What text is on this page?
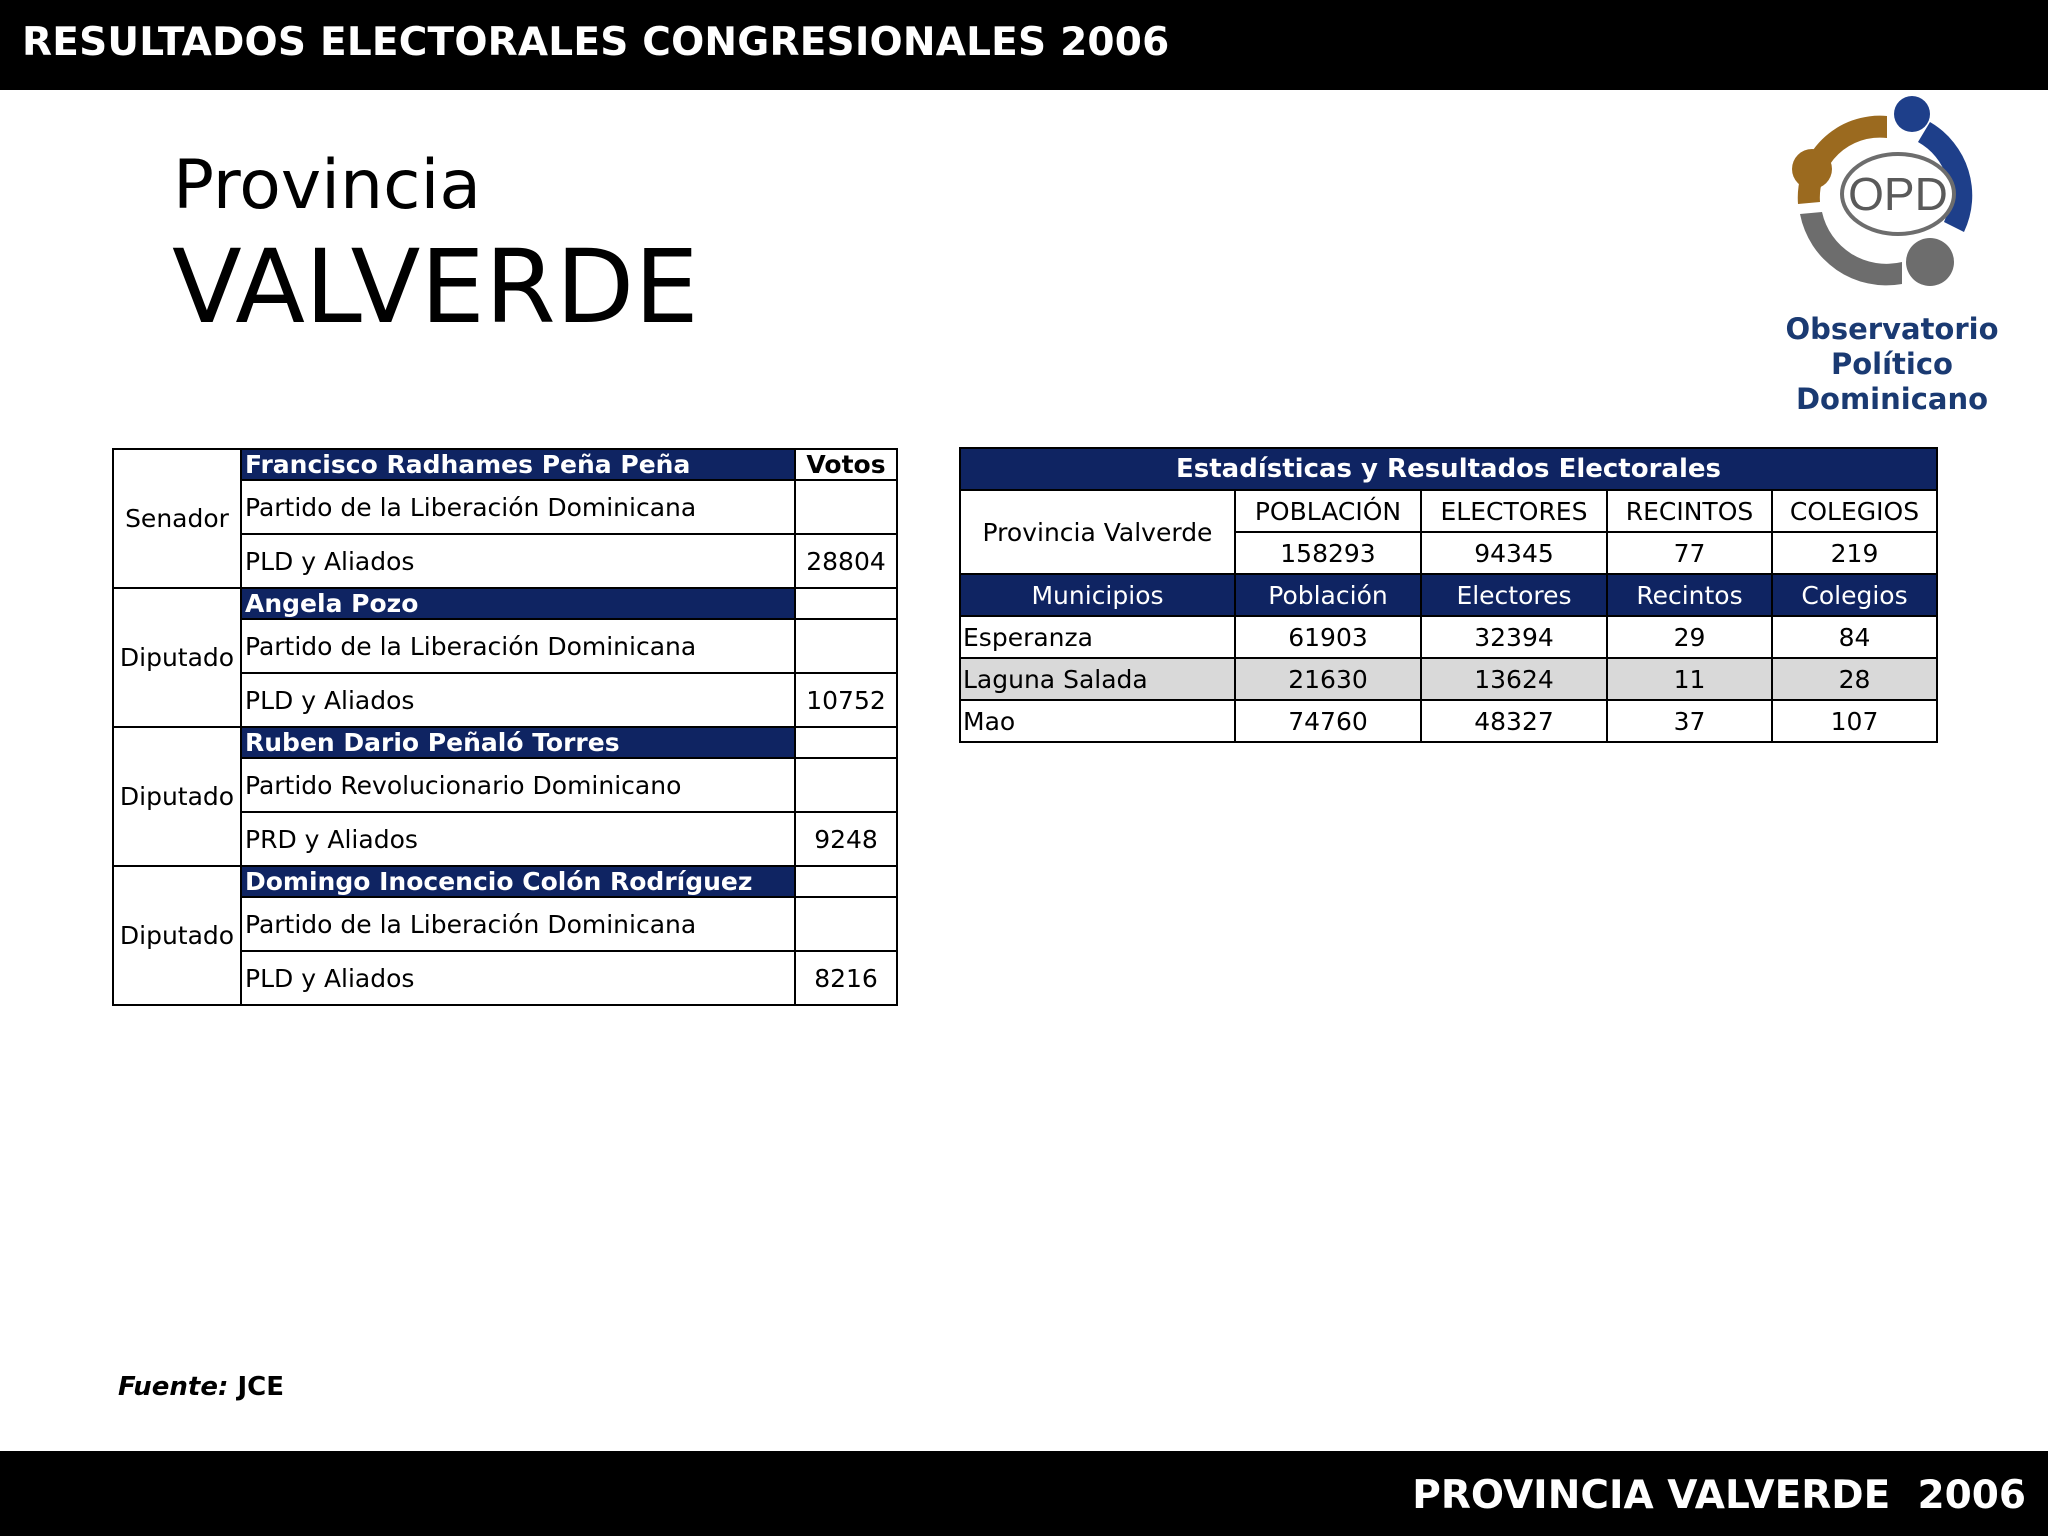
RESULTADOS ELECTORALES CONGRESIONALES 2006
Provincia
VALVERDE
OPD
Observatorio Político
Dominicano
Senador	Francisco Radhames Peña Peña	Votos
	Partido de la Liberación Dominicana	
	PLD y Aliados	28804
Diputado	Angela Pozo	
	Partido de la Liberación Dominicana	
	PLD y Aliados	10752
Diputado	Ruben Dario Peñaló Torres	
	Partido Revolucionario Dominicano	
	PRD y Aliados	9248
Diputado	Domingo Inocencio Colón Rodríguez	
	Partido de la Liberación Dominicana	
	PLD y Aliados	8216
Estadísticas y Resultados Electorales				
Provincia Valverde	POBLACIÓN	ELECTORES	RECINTOS	COLEGIOS
	158293	94345	77	219
Municipios	Población	Electores	Recintos	Colegios
Esperanza	61903	32394	29	84
Laguna Salada	21630	13624	11	28
Mao	74760	48327	37	107
Fuente: JCE
PROVINCIA VALVERDE  2006
